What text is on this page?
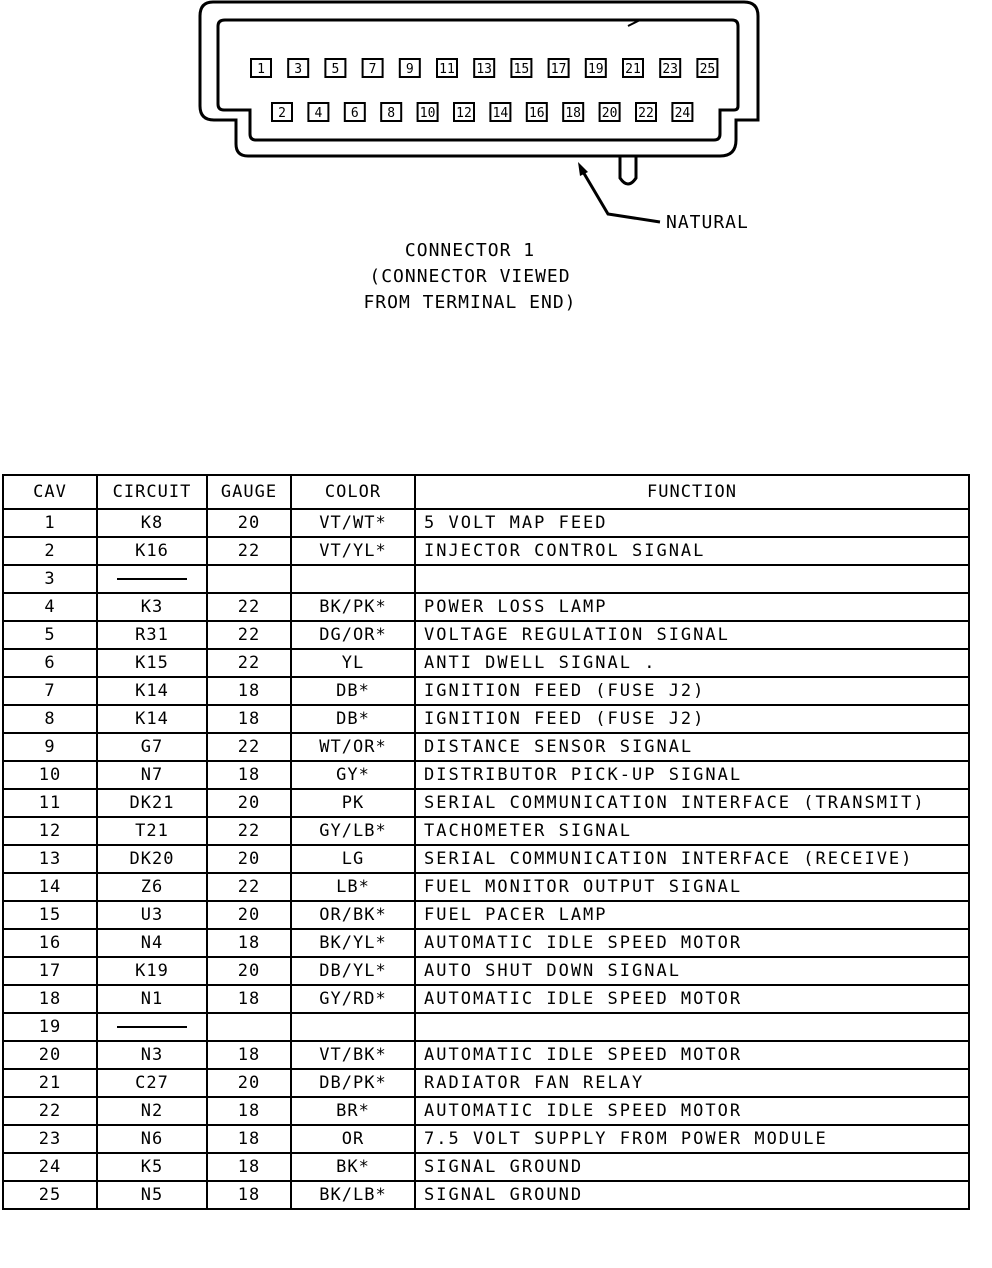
1 3 5 7 9 11 13 15 17 19 21 23 25
2 4 6 8 10 12 14 16 18 20 22 24
NATURAL
CONNECTOR 1
(CONNECTOR VIEWED
FROM TERMINAL END)
CAV	CIRCUIT	GAUGE	COLOR	FUNCTION
1	K8	20	VT/WT*	5 VOLT MAP FEED
2	K16	22	VT/YL*	INJECTOR CONTROL SIGNAL
3				
4	K3	22	BK/PK*	POWER LOSS LAMP
5	R31	22	DG/OR*	VOLTAGE REGULATION SIGNAL
6	K15	22	YL	ANTI DWELL SIGNAL .
7	K14	18	DB*	IGNITION FEED (FUSE J2)
8	K14	18	DB*	IGNITION FEED (FUSE J2)
9	G7	22	WT/OR*	DISTANCE SENSOR SIGNAL
10	N7	18	GY*	DISTRIBUTOR PICK-UP SIGNAL
11	DK21	20	PK	SERIAL COMMUNICATION INTERFACE (TRANSMIT)
12	T21	22	GY/LB*	TACHOMETER SIGNAL
13	DK20	20	LG	SERIAL COMMUNICATION INTERFACE (RECEIVE)
14	Z6	22	LB*	FUEL MONITOR OUTPUT SIGNAL
15	U3	20	OR/BK*	FUEL PACER LAMP
16	N4	18	BK/YL*	AUTOMATIC IDLE SPEED MOTOR
17	K19	20	DB/YL*	AUTO SHUT DOWN SIGNAL
18	N1	18	GY/RD*	AUTOMATIC IDLE SPEED MOTOR
19				
20	N3	18	VT/BK*	AUTOMATIC IDLE SPEED MOTOR
21	C27	20	DB/PK*	RADIATOR FAN RELAY
22	N2	18	BR*	AUTOMATIC IDLE SPEED MOTOR
23	N6	18	OR	7.5 VOLT SUPPLY FROM POWER MODULE
24	K5	18	BK*	SIGNAL GROUND
25	N5	18	BK/LB*	SIGNAL GROUND
